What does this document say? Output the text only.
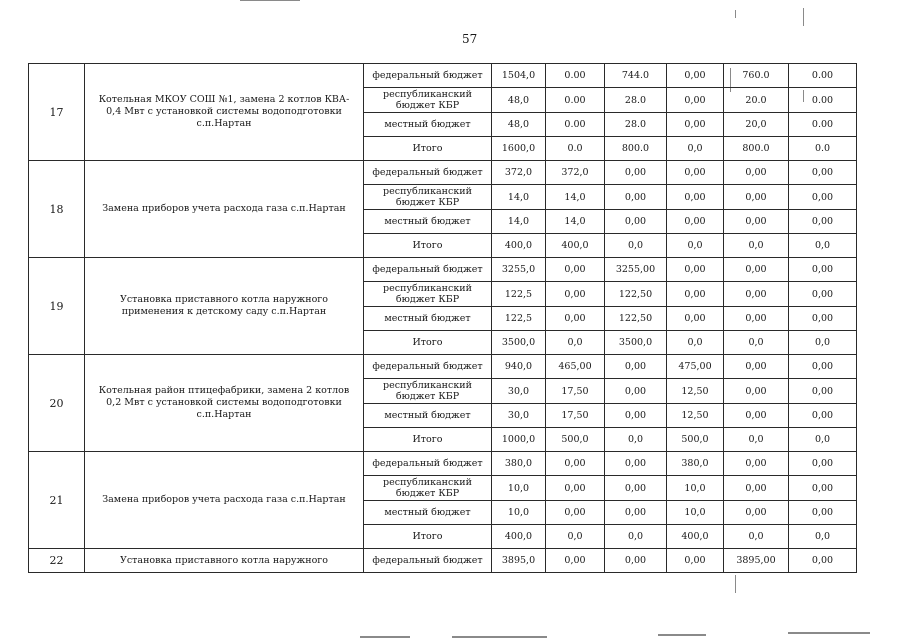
57
17	Котельная МКОУ СОШ №1, замена 2 котлов КВА- 0,4 Мвт с установкой системы водоподготовки с.п.Нартан	федеральный бюджет	1504,0	0.00	744.0	0,00	760.0	0.00
		республиканский бюджет КБР	48,0	0.00	28.0	0,00	20.0	0.00
		местный бюджет	48,0	0.00	28.0	0,00	20,0	0.00
		Итого	1600,0	0.0	800.0	0,0	800.0	0.0
18	Замена приборов учета расхода газа с.п.Нартан	федеральный бюджет	372,0	372,0	0,00	0,00	0,00	0,00
		республиканский бюджет КБР	14,0	14,0	0,00	0,00	0,00	0,00
		местный бюджет	14,0	14,0	0,00	0,00	0,00	0,00
		Итого	400,0	400,0	0,0	0,0	0,0	0,0
19	Установка приставного котла наружного применения к детскому саду с.п.Нартан	федеральный бюджет	3255,0	0,00	3255,00	0,00	0,00	0,00
		республиканский бюджет КБР	122,5	0,00	122,50	0,00	0,00	0,00
		местный бюджет	122,5	0,00	122,50	0,00	0,00	0,00
		Итого	3500,0	0,0	3500,0	0,0	0,0	0,0
20	Котельная район птицефабрики, замена 2 котлов 0,2 Мвт с установкой системы водоподготовки с.п.Нартан	федеральный бюджет	940,0	465,00	0,00	475,00	0,00	0,00
		республиканский бюджет КБР	30,0	17,50	0,00	12,50	0,00	0,00
		местный бюджет	30,0	17,50	0,00	12,50	0,00	0,00
		Итого	1000,0	500,0	0,0	500,0	0,0	0,0
21	Замена приборов учета расхода газа с.п.Нартан	федеральный бюджет	380,0	0,00	0,00	380,0	0,00	0,00
		республиканский бюджет КБР	10,0	0,00	0,00	10,0	0,00	0,00
		местный бюджет	10,0	0,00	0,00	10,0	0,00	0,00
		Итого	400,0	0,0	0,0	400,0	0,0	0,0
22	Установка приставного котла наружного	федеральный бюджет	3895,0	0,00	0,00	0,00	3895,00	0,00
